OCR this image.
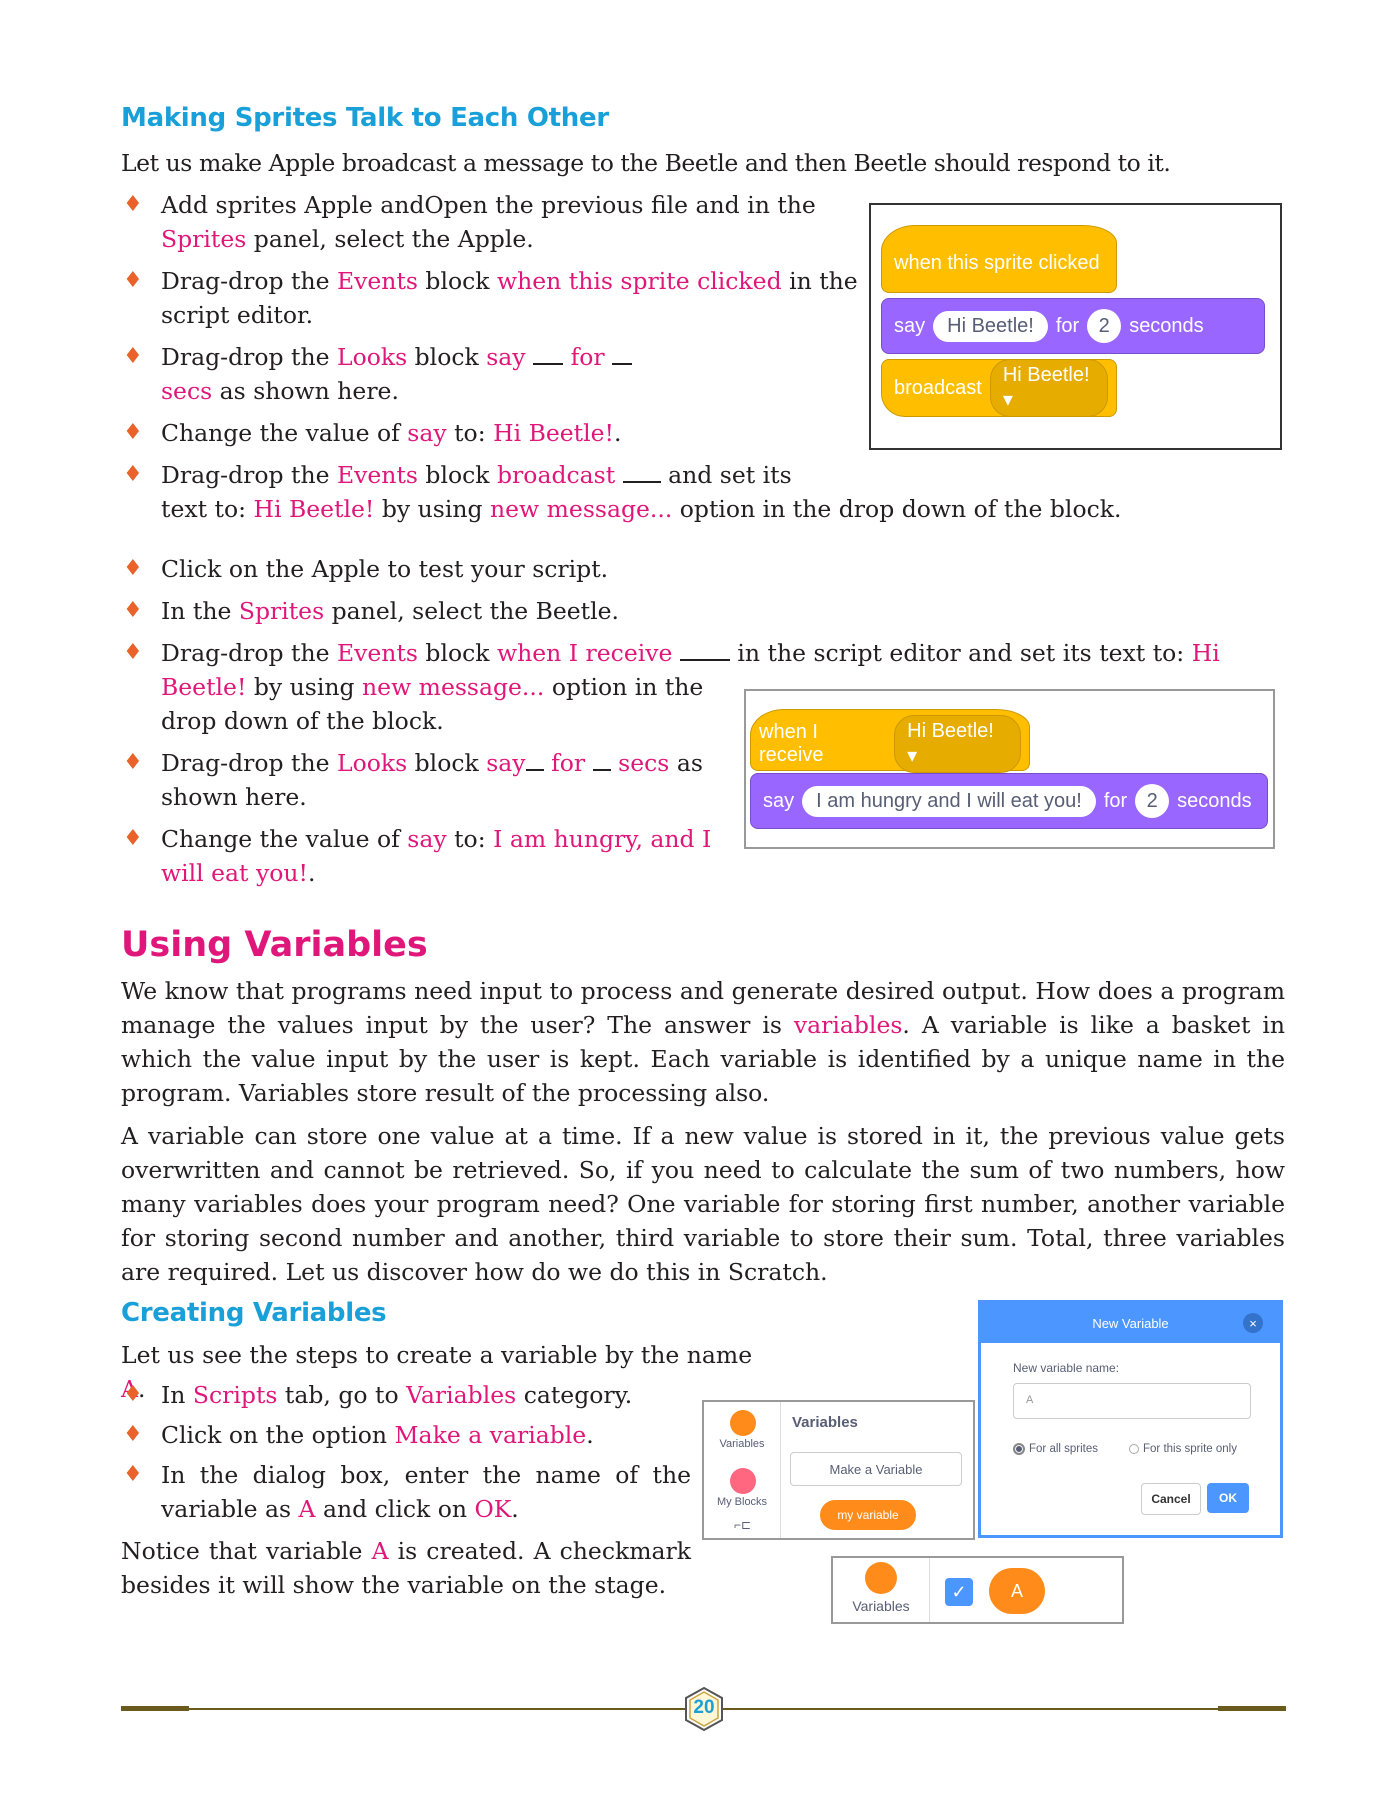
Making Sprites Talk to Each Other
Let us make Apple broadcast a message to the Beetle and then Beetle should respond to it.
♦ Add sprites Apple andOpen the previous file and in the
Sprites panel, select the Apple.
♦ Drag-drop the Events block when this sprite clicked in the script editor.
♦ Drag-drop the Looks block say for  secs as shown here.
♦ Change the value of say to: Hi Beetle!.
♦ Drag-drop the Events block broadcast  and set its
text to: Hi Beetle! by using new message... option in the drop down of the block.
when this sprite clicked
say	Hi Beetle!	for 2 seconds
broadcast
Hi Beetle! ▾
♦ Click on the Apple to test your script.
♦ In the Sprites panel, select the Beetle.
♦ Drag-drop the Events block when I receive  in the script editor and set its text to: Hi
Beetle! by using new message... option in the
drop down of the block.
♦ Drag-drop the Looks block say for secs as shown here.
♦ Change the value of say to: I am hungry, and I will eat you!.
when I receive
Hi Beetle! ▾
say	I am hungry and I will eat you!	for 2 seconds
Using Variables
We know that programs need input to process and generate desired output. How does a program manage the values input by the user? The answer is variables. A variable is like a basket in which the value input by the user is kept. Each variable is identified by a unique name in the program. Variables store result of the processing also.
A variable can store one value at a time. If a new value is stored in it, the previous value gets overwritten and cannot be retrieved. So, if you need to calculate the sum of two numbers, how many variables does your program need? One variable for storing first number, another variable for storing second number and another, third variable to store their sum. Total, three variables are required. Let us discover how do we do this in Scratch.
Creating Variables
Let us see the steps to create a variable by the name A.
♦ In Scripts tab, go to Variables category.
♦ Click on the option Make a variable.
♦ In the dialog box, enter the name of the variable as A and click on OK.
Notice that variable A is created. A checkmark besides it will show the variable on the stage.
Variables
My Blocks
⌐⊏
Variables
Make a Variable
my variable
New Variable	×
New variable name:
A
For all sprites	For this sprite only
Cancel	OK
Variables
✓	A
20
